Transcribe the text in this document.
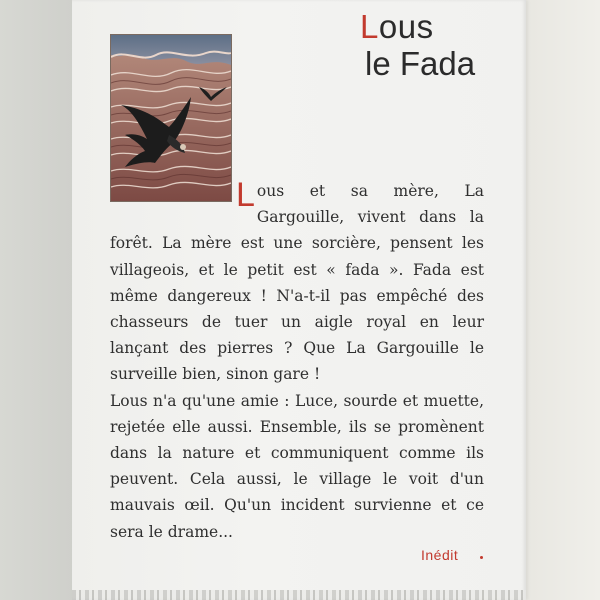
Lous
le Fada

Lous et sa mère, La Gargouille, vivent dans la forêt. La mère est une sorcière, pensent les villageois, et le petit est « fada ». Fada est même dangereux ! N'a-t-il pas empêché des chasseurs de tuer un aigle royal en leur lançant des pierres ? Que La Gargouille le surveille bien, sinon gare !

Lous n'a qu'une amie : Luce, sourde et muette, rejetée elle aussi. Ensemble, ils se promènent dans la nature et communiquent comme ils peuvent. Cela aussi, le village le voit d'un mauvais œil. Qu'un incident survienne et ce sera le drame...

Inédit
